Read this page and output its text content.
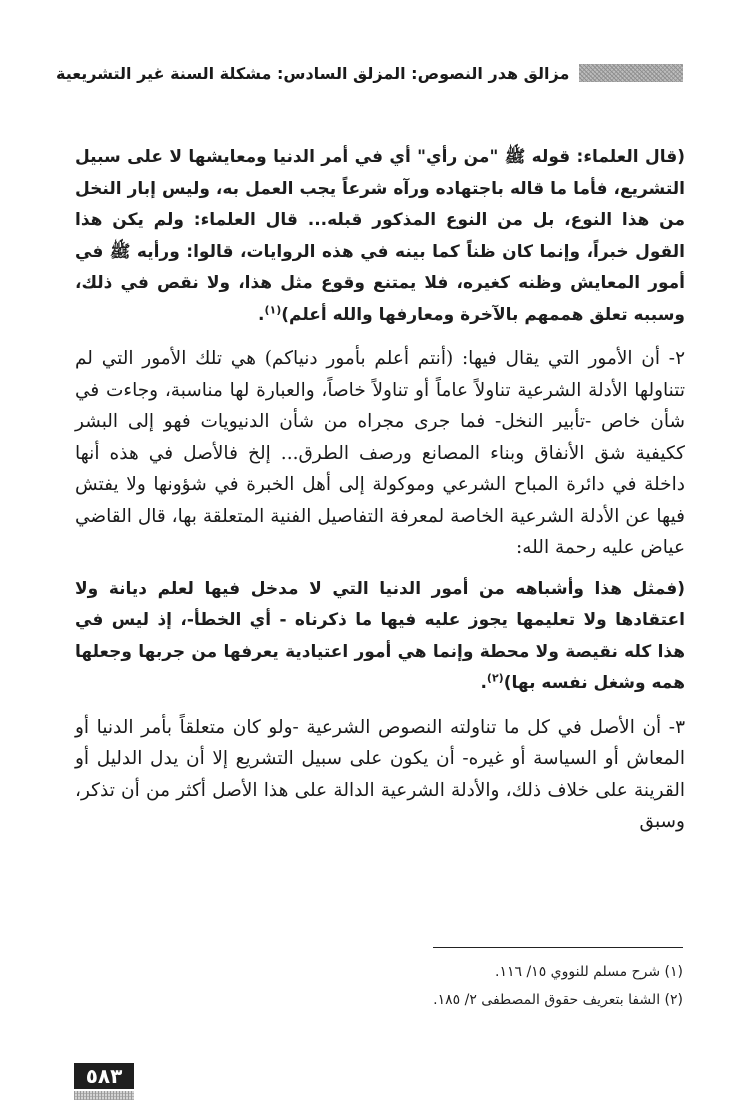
مزالق هدر النصوص: المزلق السادس: مشكلة السنة غير التشريعية

(قال العلماء: قوله ﷺ "من رأي" أي في أمر الدنيا ومعايشها لا على سبيل التشريع، فأما ما قاله باجتهاده ورآه شرعاً يجب العمل به، وليس إبار النخل من هذا النوع، بل من النوع المذكور قبله... قال العلماء: ولم يكن هذا القول خبراً، وإنما كان ظناً كما بينه في هذه الروايات، قالوا: ورأيه ﷺ في أمور المعايش وظنه كغيره، فلا يمتنع وقوع مثل هذا، ولا نقص في ذلك، وسببه تعلق هممهم بالآخرة ومعارفها والله أعلم)$^{(١)}$.

٢- أن الأمور التي يقال فيها: (أنتم أعلم بأمور دنياكم) هي تلك الأمور التي لم تتناولها الأدلة الشرعية تناولاً عاماً أو تناولاً خاصاً، والعبارة لها مناسبة، وجاءت في شأن خاص -تأبير النخل- فما جرى مجراه من شأن الدنيويات فهو إلى البشر ككيفية شق الأنفاق وبناء المصانع ورصف الطرق... إلخ فالأصل في هذه أنها داخلة في دائرة المباح الشرعي وموكولة إلى أهل الخبرة في شؤونها ولا يفتش فيها عن الأدلة الشرعية الخاصة لمعرفة التفاصيل الفنية المتعلقة بها، قال القاضي عياض عليه رحمة الله:

(فمثل هذا وأشباهه من أمور الدنيا التي لا مدخل فيها لعلم ديانة ولا اعتقادها ولا تعليمها يجوز عليه فيها ما ذكرناه - أي الخطأ-، إذ ليس في هذا كله نقيصة ولا محطة وإنما هي أمور اعتيادية يعرفها من جربها وجعلها همه وشغل نفسه بها)$^{(٢)}$.

٣- أن الأصل في كل ما تناولته النصوص الشرعية -ولو كان متعلقاً بأمر الدنيا أو المعاش أو السياسة أو غيره- أن يكون على سبيل التشريع إلا أن يدل الدليل أو القرينة على خلاف ذلك، والأدلة الشرعية الدالة على هذا الأصل أكثر من أن تذكر، وسبق

(١) شرح مسلم للنووي ١٥/ ١١٦.

(٢) الشفا بتعريف حقوق المصطفى ٢/ ١٨٥.

٥٨٣
